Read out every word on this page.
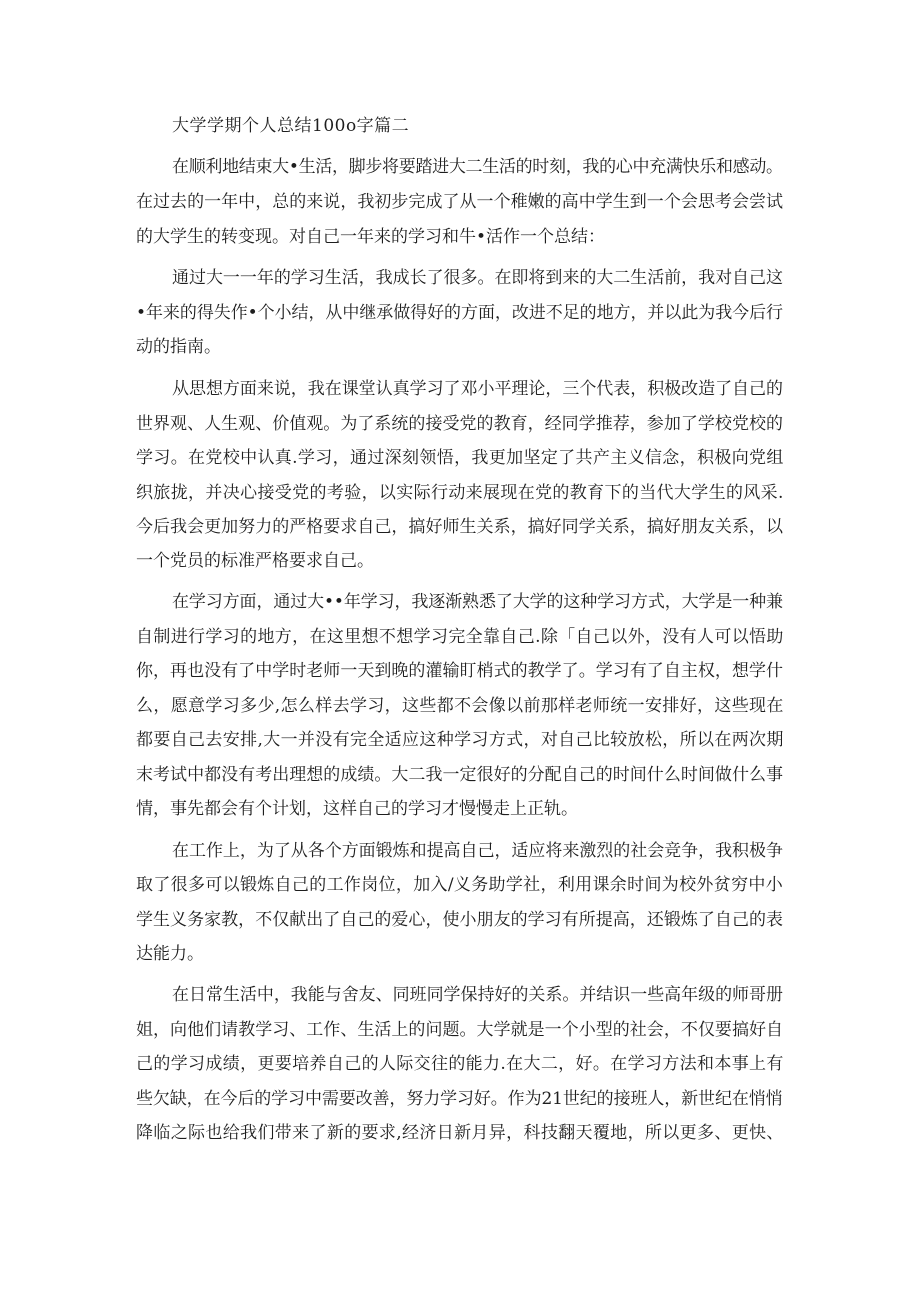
大学学期个人总结100o字篇二
在顺利地结束大•生活，脚步将要踏进大二生活的时刻，我的心中充满快乐和感动。
在过去的一年中，总的来说，我初步完成了从一个稚嫩的高中学生到一个会思考会尝试
的大学生的转变现。对自己一年来的学习和牛•活作一个总结：
通过大一一年的学习生活，我成长了很多。在即将到来的大二生活前，我对自己这
•年来的得失作•个小结，从中继承做得好的方面，改进不足的地方，并以此为我今后行
动的指南。
从思想方面来说，我在课堂认真学习了邓小平理论，三个代表，积极改造了自己的
世界观、人生观、价值观。为了系统的接受党的教育，经同学推荐，参加了学校党校的
学习。在党校中认真.学习，通过深刻领悟，我更加坚定了共产主义信念，积极向党组
织旅拢，并决心接受党的考验，以实际行动来展现在党的教育下的当代大学生的风采.
今后我会更加努力的严格要求自己，搞好师生关系，搞好同学关系，搞好朋友关系，以
一个党员的标准严格要求自己。
在学习方面，通过大••年学习，我逐渐熟悉了大学的这种学习方式，大学是一种兼
自制进行学习的地方，在这里想不想学习完全靠自己.除「自己以外，没有人可以悟助
你，再也没有了中学时老师一天到晚的灌输盯梢式的教学了。学习有了自主权，想学什
么，愿意学习多少,怎么样去学习，这些都不会像以前那样老师统一安排好，这些现在
都要自己去安排,大一并没有完全适应这种学习方式，对自己比较放松，所以在两次期
末考试中都没有考出理想的成绩。大二我一定很好的分配自己的时间什么时间做什么事
情，事先都会有个计划，这样自己的学习才慢慢走上正轨。
在工作上，为了从各个方面锻炼和提高自己，适应将来激烈的社会竞争，我积极争
取了很多可以锻炼自己的工作岗位，加入/义务助学社，利用课余时间为校外贫穷中小
学生义务家教，不仅献出了自己的爱心，使小朋友的学习有所提高，还锻炼了自己的表
达能力。
在日常生活中，我能与舍友、同班同学保持好的关系。并结识一些高年级的师哥册
姐，向他们请教学习、工作、生活上的问题。大学就是一个小型的社会，不仅要搞好自
己的学习成绩，更要培养自己的人际交往的能力.在大二，好。在学习方法和本事上有
些欠缺，在今后的学习中需要改善，努力学习好。作为21世纪的接班人，新世纪在悄悄
降临之际也给我们带来了新的要求,经济日新月异，科技翻天覆地，所以更多、更快、
